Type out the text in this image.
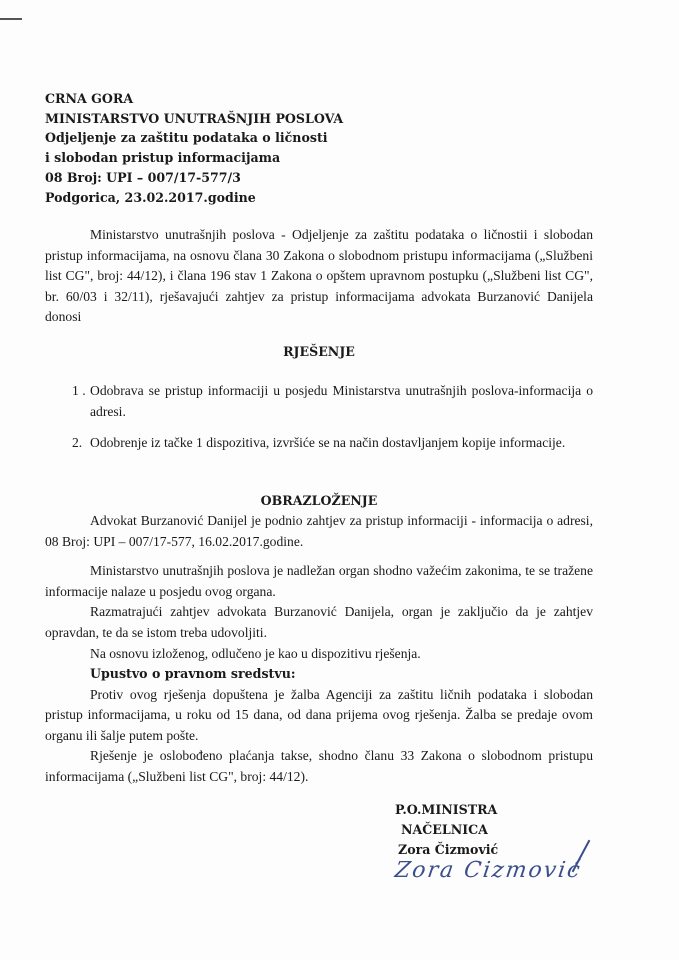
CRNA GORA
MINISTARSTVO UNUTRAŠNJIH POSLOVA
Odjeljenje za zaštitu podataka o ličnosti
i slobodan pristup informacijama
08 Broj: UPI – 007/17-577/3
Podgorica, 23.02.2017.godine

Ministarstvo unutrašnjih poslova - Odjeljenje za zaštitu podataka o ličnostii i slobodan pristup informacijama, na osnovu člana 30 Zakona o slobodnom pristupu informacijama („Službeni list CG", broj: 44/12), i člana 196 stav 1 Zakona o opštem upravnom postupku („Službeni list CG", br. 60/03 i 32/11), rješavajući zahtjev za pristup informacijama advokata Burzanović Danijela donosi

RJEŠENJE
1 . Odobrava se pristup informaciji u posjedu Ministarstva unutrašnjih poslova-informacija o adresi.
2. Odobrenje iz tačke 1 dispozitiva, izvršiće se na način dostavljanjem kopije informacije.
OBRAZLOŽENJE

Advokat Burzanović Danijel je podnio zahtjev za pristup informaciji - informacija o adresi, 08 Broj: UPI – 007/17-577, 16.02.2017.godine.

Ministarstvo unutrašnjih poslova je nadležan organ shodno važećim zakonima, te se tražene informacije nalaze u posjedu ovog organa.

Razmatrajući zahtjev advokata Burzanović Danijela, organ je zaključio da je zahtjev opravdan, te da se istom treba udovoljiti.

Na osnovu izloženog, odlučeno je kao u dispozitivu rješenja.

Upustvo o pravnom sredstvu:

Protiv ovog rješenja dopuštena je žalba Agenciji za zaštitu ličnih podataka i slobodan pristup informacijama, u roku od 15 dana, od dana prijema ovog rješenja. Žalba se predaje ovom organu ili šalje putem pošte.

Rješenje je oslobođeno plaćanja takse, shodno članu 33 Zakona o slobodnom pristupu informacijama („Službeni list CG", broj: 44/12).

P.O.MINISTRA
NAČELNICA
Zora Čizmović
Zora Cizmović
